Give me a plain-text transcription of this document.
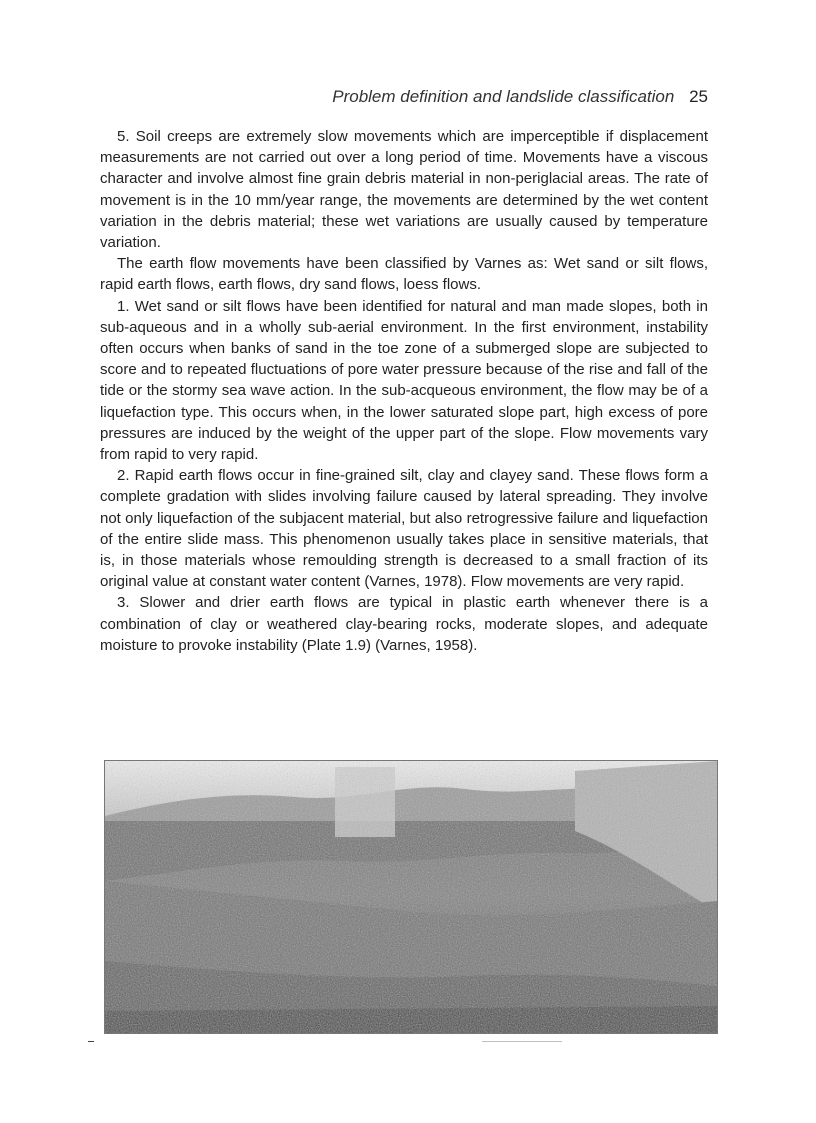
Problem definition and landslide classification 25

5. Soil creeps are extremely slow movements which are imperceptible if displacement measurements are not carried out over a long period of time. Movements have a viscous character and involve almost fine grain debris material in non-periglacial areas. The rate of movement is in the 10 mm/year range, the movements are determined by the wet content variation in the debris material; these wet variations are usually caused by temperature variation.

The earth flow movements have been classified by Varnes as: Wet sand or silt flows, rapid earth flows, earth flows, dry sand flows, loess flows.

1. Wet sand or silt flows have been identified for natural and man made slopes, both in sub-aqueous and in a wholly sub-aerial environment. In the first environment, instability often occurs when banks of sand in the toe zone of a submerged slope are subjected to score and to repeated fluctuations of pore water pressure because of the rise and fall of the tide or the stormy sea wave action. In the sub-acqueous environment, the flow may be of a liquefaction type. This occurs when, in the lower saturated slope part, high excess of pore pressures are induced by the weight of the upper part of the slope. Flow movements vary from rapid to very rapid.

2. Rapid earth flows occur in fine-grained silt, clay and clayey sand. These flows form a complete gradation with slides involving failure caused by lateral spreading. They involve not only liquefaction of the subjacent material, but also retrogressive failure and liquefaction of the entire slide mass. This phenomenon usually takes place in sensitive materials, that is, in those materials whose remoulding strength is decreased to a small fraction of its original value at constant water content (Varnes, 1978). Flow movements are very rapid.

3. Slower and drier earth flows are typical in plastic earth whenever there is a combination of clay or weathered clay-bearing rocks, moderate slopes, and adequate moisture to provoke instability (Plate 1.9) (Varnes, 1958).
